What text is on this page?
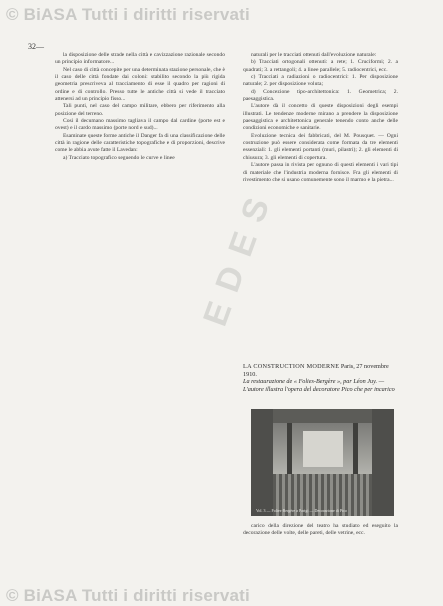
© BiASA Tutti i diritti riservati
E D E S
32—

la disposizione delle strade nella città e cavizzazione razionale secondo un principio informatore...

Nel caso di città concepite per una determinata stazione personale, che è il caso delle città fondate dai coloni: stabilito secondo la più rigida geometria prescriveva al tracciamento di esse il quadro per ragioni di ordine e di controllo. Presso tutte le antiche città si vede il tracciato attenersi ad un principio fisso...

Tali punti, nel caso del campo militare, ebbero per riferimento alla posizione del terreno.

Così il decumano massimo tagliava il campo dal cardine (porte est e ovest) e il cardo massimo (porte nord e sud)...

Esaminate queste forme antiche il Danger fa di una classificazione delle città in ragione delle caratteristiche topografiche e di proporzioni, descrive come le abbia avute fatte il Lavedan:

a) Tracciato topografico seguendo le curve e linee

naturali per le tracciati ottenuti dall'evoluzione naturale:

b) Tracciati ortogonali ottenuti: a rete; 1. Cruciformi; 2. a quadrati; 3. a rettangoli; 4. a linee parallele; 5. radiocentrici, ecc.

c) Tracciati a radiazioni o radiocentrici: 1. Per disposizione naturale; 2. per disposizione voluta;

d) Concezione tipo-architettonica: 1. Geometrica; 2. paesaggistica.

L'autore dà il concetto di queste disposizioni degli esempi illustrati. Le tendenze moderne mirano a prendere la disposizione paesaggistica e architettonica generale tenendo conto anche delle condizioni economiche e sanitarie.

Evoluzione tecnica dei fabbricati, del M. Pousquet. — Ogni costruzione può essere considerata come formata da tre elementi essenziali: 1. gli elementi portanti (muri, pilastri); 2. gli elementi di chiusura; 3. gli elementi di copertura.

L'autore passa in rivista per ognuno di questi elementi i vari tipi di materiale che l'industria moderna fornisce. Fra gli elementi di rivestimento che si usano comunemente sono il marmo e la pietra...

LA CONSTRUCTION MODERNE Paris, 27 novembre 1910.
La restaurazione de « Folies-Bergère », par Léon Juy. — L'autore illustra l'opera del decoratore Pico che per incarico
Vol. 3 — Folies-Bergère a Parigi — Decorazione di Pico

carico della direzione del teatro ha studiato ed eseguito la decorazione delle volte, delle pareti, delle vetrine, ecc.

© BiASA Tutti i diritti riservati
